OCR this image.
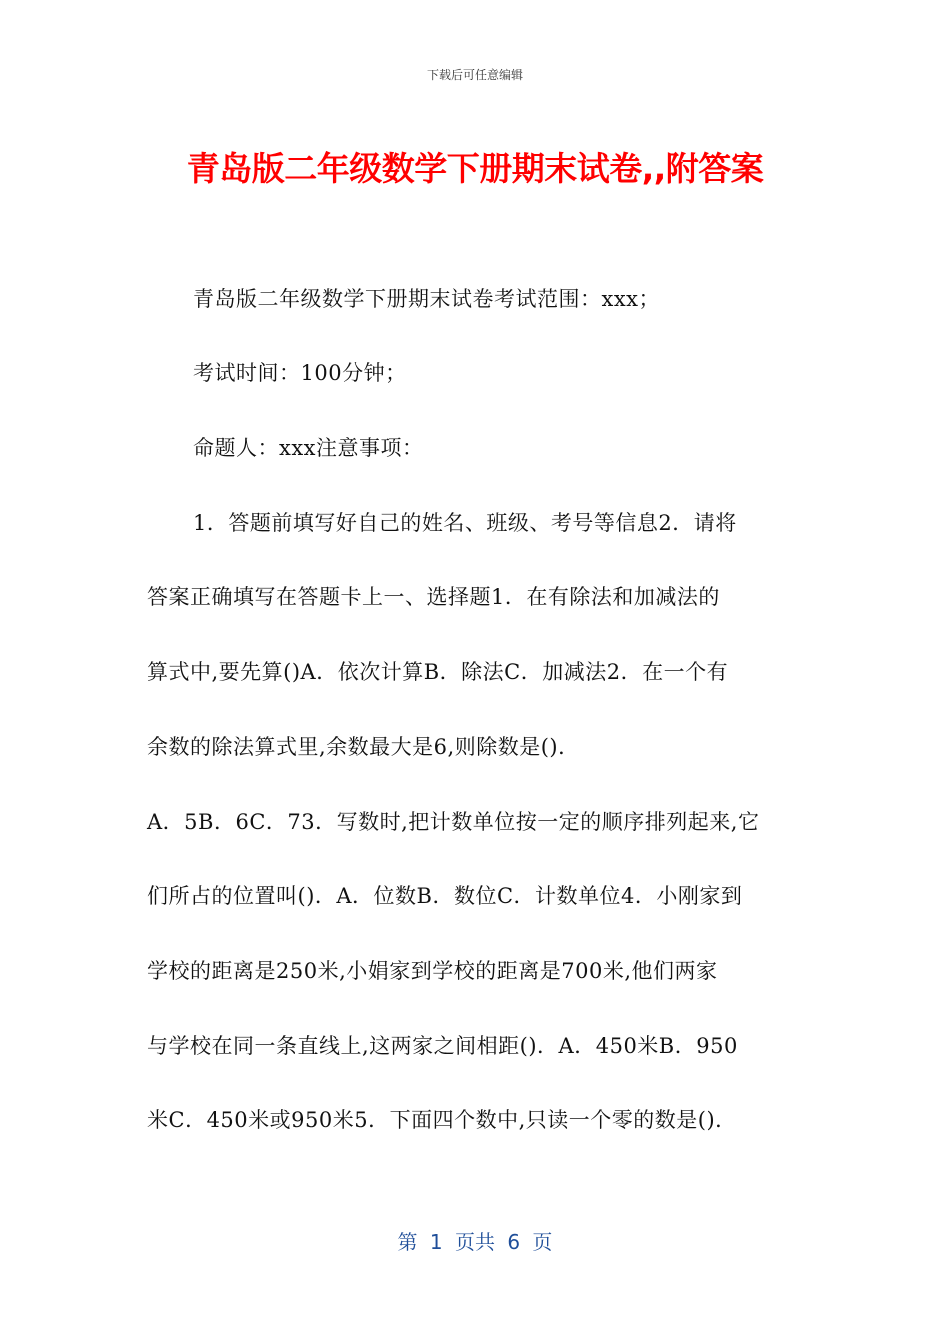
下载后可任意编辑
青岛版二年级数学下册期末试卷,,附答案
青岛版二年级数学下册期末试卷考试范围：xxx；
考试时间：100分钟；
命题人：xxx注意事项：
1．答题前填写好自己的姓名、班级、考号等信息2．请将
答案正确填写在答题卡上一、选择题1．在有除法和加减法的
算式中,要先算()A．依次计算B．除法C．加减法2．在一个有
余数的除法算式里,余数最大是6,则除数是()．
A．5B．6C．73．写数时,把计数单位按一定的顺序排列起来,它
们所占的位置叫()．A．位数B．数位C．计数单位4．小刚家到
学校的距离是250米,小娟家到学校的距离是700米,他们两家
与学校在同一条直线上,这两家之间相距()．A．450米B．950
米C．450米或950米5．下面四个数中,只读一个零的数是()．
第 1 页共 6 页
